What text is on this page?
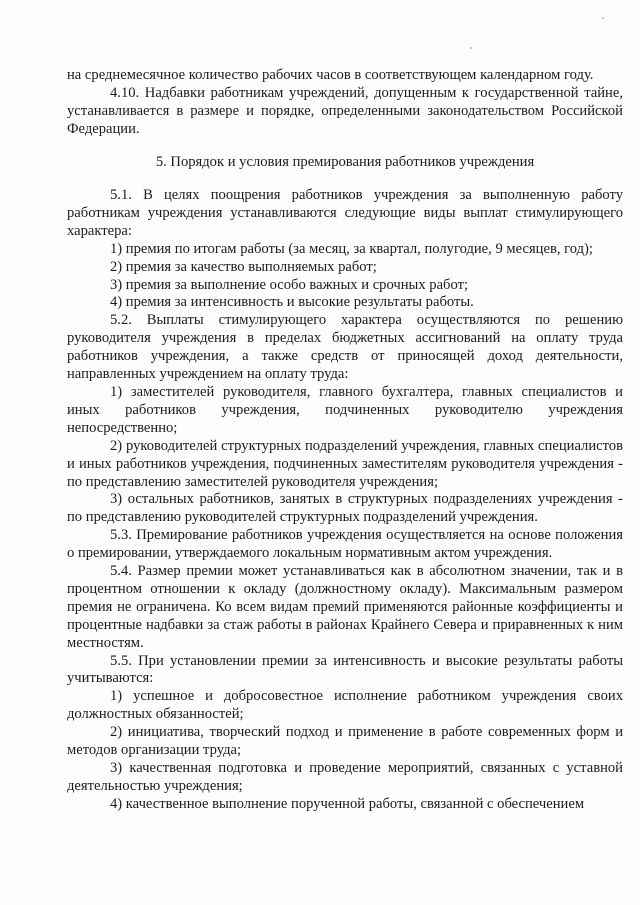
на среднемесячное количество рабочих часов в соответствующем календарном году.

4.10. Надбавки работникам учреждений, допущенным к государственной тайне, устанавливается в размере и порядке, определенными законодательством Российской Федерации.

5. Порядок и условия премирования работников учреждения

5.1. В целях поощрения работников учреждения за выполненную работу работникам учреждения устанавливаются следующие виды выплат стимулирующего характера:

1) премия по итогам работы (за месяц, за квартал, полугодие, 9 месяцев, год);

2) премия за качество выполняемых работ;

3) премия за выполнение особо важных и срочных работ;

4) премия за интенсивность и высокие результаты работы.

5.2. Выплаты стимулирующего характера осуществляются по решению руководителя учреждения в пределах бюджетных ассигнований на оплату труда работников учреждения, а также средств от приносящей доход деятельности, направленных учреждением на оплату труда:

1) заместителей руководителя, главного бухгалтера, главных специалистов и иных работников учреждения, подчиненных руководителю учреждения непосредственно;

2) руководителей структурных подразделений учреждения, главных специалистов и иных работников учреждения, подчиненных заместителям руководителя учреждения - по представлению заместителей руководителя учреждения;

3) остальных работников, занятых в структурных подразделениях учреждения - по представлению руководителей структурных подразделений учреждения.

5.3. Премирование работников учреждения осуществляется на основе положения о премировании, утверждаемого локальным нормативным актом учреждения.

5.4. Размер премии может устанавливаться как в абсолютном значении, так и в процентном отношении к окладу (должностному окладу). Максимальным размером премия не ограничена. Ко всем видам премий применяются районные коэффициенты и процентные надбавки за стаж работы в районах Крайнего Севера и приравненных к ним местностям.

5.5. При установлении премии за интенсивность и высокие результаты работы учитываются:

1) успешное и добросовестное исполнение работником учреждения своих должностных обязанностей;

2) инициатива, творческий подход и применение в работе современных форм и методов организации труда;

3) качественная подготовка и проведение мероприятий, связанных с уставной деятельностью учреждения;

4) качественное выполнение порученной работы, связанной с обеспечением
